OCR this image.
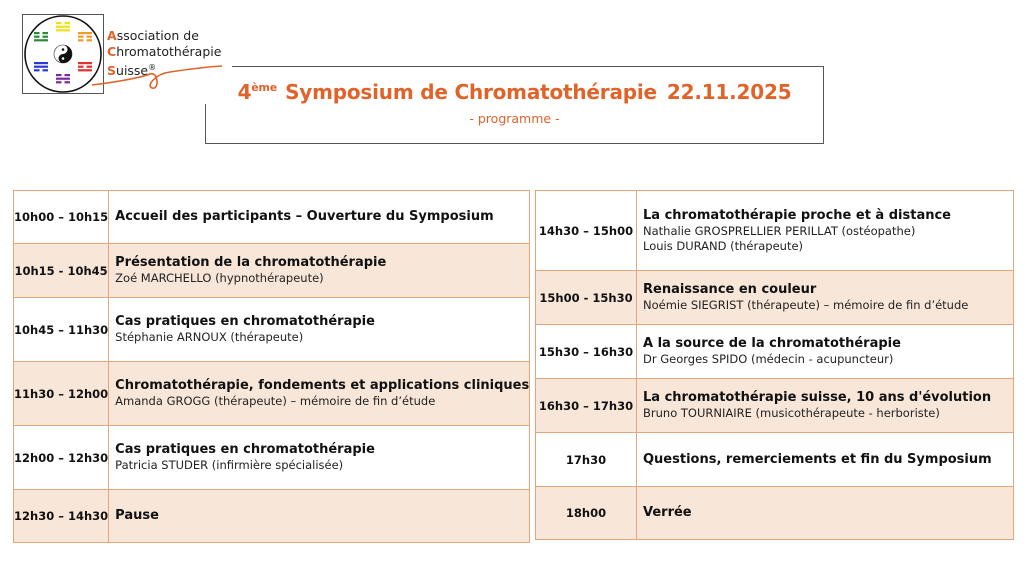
Association de
Chromatothérapie
Suisse®
4ème Symposium de Chromatothérapie 22.11.2025
- programme -
10h00 – 10h15	Accueil des participants – Ouverture du Symposium

10h15 - 10h45	Présentation de la chromatothérapie
Zoé MARCHELLO (hypnothérapeute)

10h45 – 11h30	Cas pratiques en chromatothérapie
Stéphanie ARNOUX (thérapeute)

11h30 – 12h00	Chromatothérapie, fondements et applications cliniques
Amanda GROGG (thérapeute) – mémoire de fin d’étude

12h00 – 12h30	Cas pratiques en chromatothérapie
Patricia STUDER (infirmière spécialisée)

12h30 – 14h30	Pause
14h30 – 15h00	La chromatothérapie proche et à distance
Nathalie GROSPRELLIER PERILLAT (ostéopathe)
Louis DURAND (thérapeute)

15h00 - 15h30	Renaissance en couleur
Noémie SIEGRIST (thérapeute) – mémoire de fin d’étude

15h30 – 16h30	A la source de la chromatothérapie
Dr Georges SPIDO (médecin - acupuncteur)

16h30 – 17h30	La chromatothérapie suisse, 10 ans d'évolution
Bruno TOURNIAIRE (musicothérapeute - herboriste)

17h30	Questions, remerciements et fin du Symposium

18h00	Verrée
